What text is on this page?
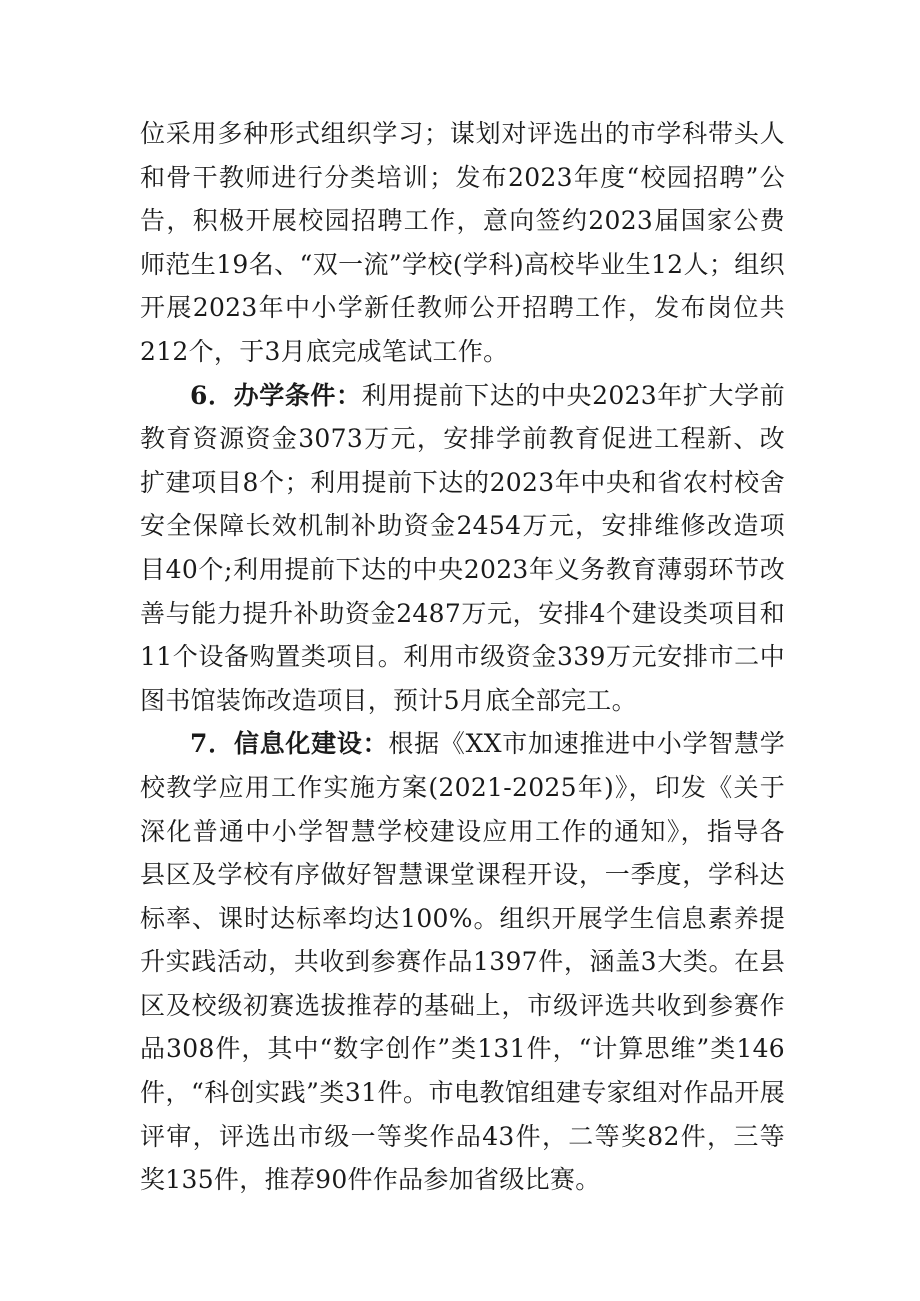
位采用多种形式组织学习；谋划对评选出的市学科带头人和骨干教师进行分类培训；发布2023年度“校园招聘”公告，积极开展校园招聘工作，意向签约2023届国家公费师范生19名、“双一流”学校(学科)高校毕业生12人；组织开展2023年中小学新任教师公开招聘工作，发布岗位共212个，于3月底完成笔试工作。

6．办学条件：利用提前下达的中央2023年扩大学前教育资源资金3073万元，安排学前教育促进工程新、改扩建项目8个；利用提前下达的2023年中央和省农村校舍安全保障长效机制补助资金2454万元，安排维修改造项目40个;利用提前下达的中央2023年义务教育薄弱环节改善与能力提升补助资金2487万元，安排4个建设类项目和11个设备购置类项目。利用市级资金339万元安排市二中图书馆装饰改造项目，预计5月底全部完工。

7．信息化建设：根据《XX市加速推进中小学智慧学校教学应用工作实施方案(2021-2025年)》，印发《关于深化普通中小学智慧学校建设应用工作的通知》，指导各县区及学校有序做好智慧课堂课程开设，一季度，学科达标率、课时达标率均达100%。组织开展学生信息素养提升实践活动，共收到参赛作品1397件，涵盖3大类。在县区及校级初赛选拔推荐的基础上，市级评选共收到参赛作品308件，其中“数字创作”类131件，“计算思维”类146件，“科创实践”类31件。市电教馆组建专家组对作品开展评审，评选出市级一等奖作品43件，二等奖82件，三等奖135件，推荐90件作品参加省级比赛。
